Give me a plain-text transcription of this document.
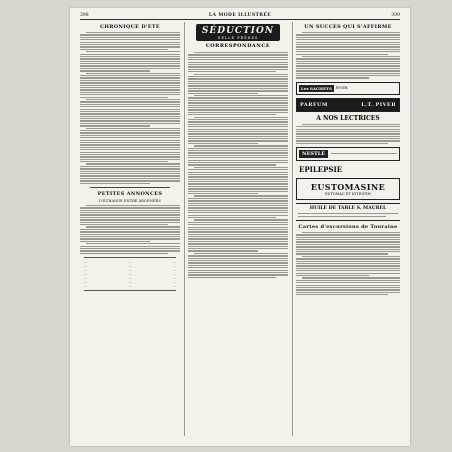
398	LA MODE ILLUSTRÉE	399
CHRONIQUE D'ÉTÉ
PETITES ANNONCES
D'ÉCHANGE ENTRE ABONNÉES
—	—	—
—	—	—
—	—	—
—	—	—
—	—	—
—	—	—
—	—	—
SÉDUCTION
DELLE FRÈRES
CORRESPONDANCE
UN SUCCÈS QUI S'AFFIRME
Les SACHETS	PIVER
PARFUM	L.T. PIVER
A NOS LECTRICES
NESTLÉ
EPILEPSIE
EUSTOMASINE
ESTOMAC ET INTESTIN
HUILE DE TABLE S. MAUREL
Cartes d'excursions de Touraine
